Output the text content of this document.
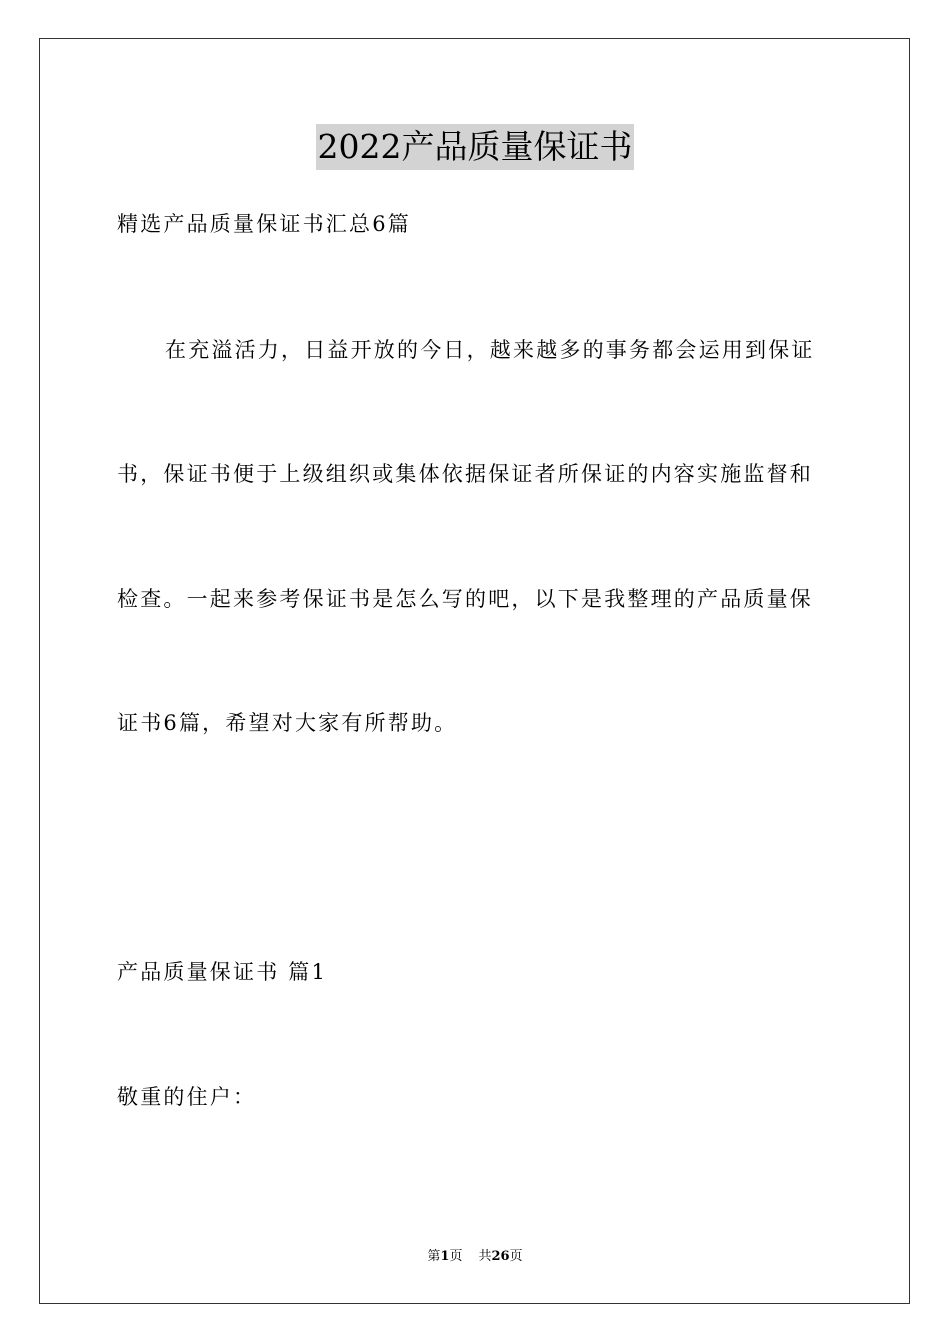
2022产品质量保证书
精选产品质量保证书汇总6篇
在充溢活力，日益开放的今日，越来越多的事务都会运用到保证
书，保证书便于上级组织或集体依据保证者所保证的内容实施监督和
检查。一起来参考保证书是怎么写的吧，以下是我整理的产品质量保
证书6篇，希望对大家有所帮助。
产品质量保证书 篇1
敬重的住户：
第1页 共26页
